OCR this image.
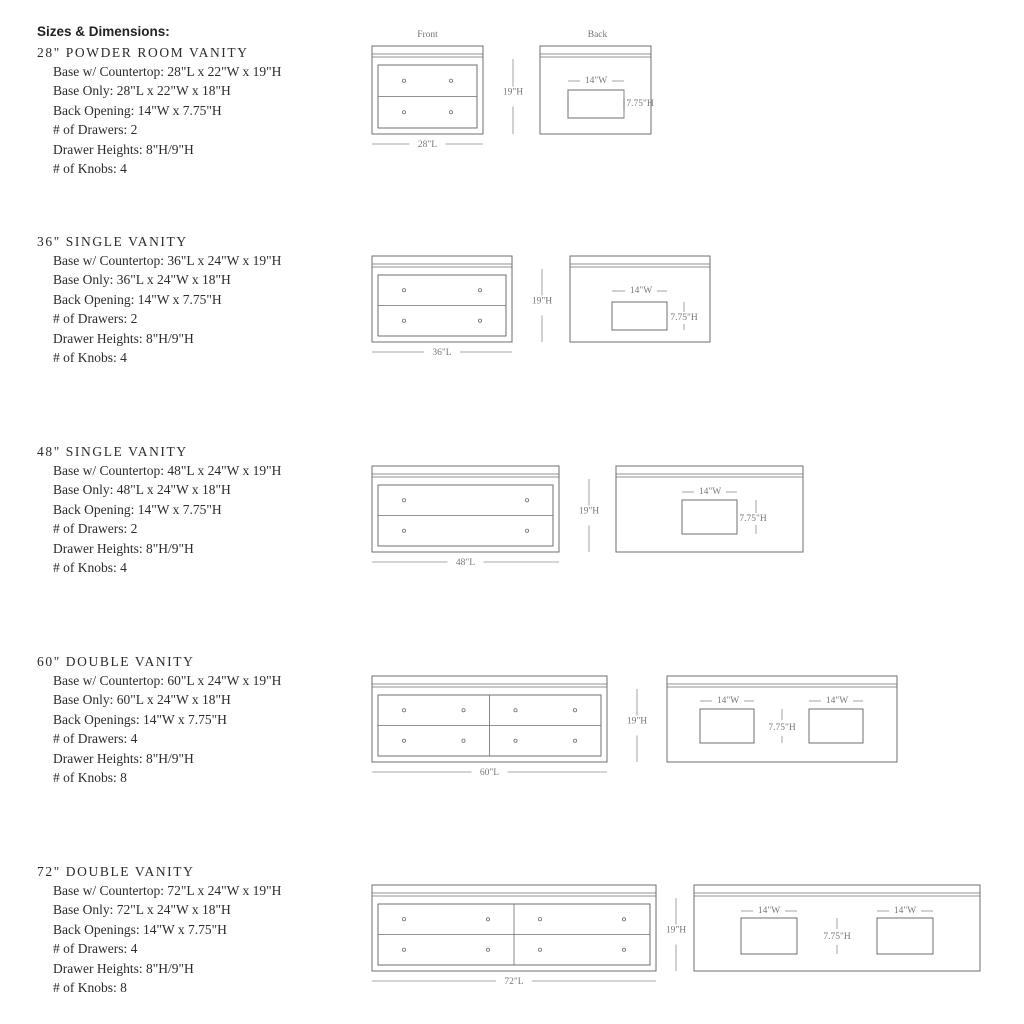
Sizes & Dimensions:
28" POWDER ROOM VANITY
Base w/ Countertop: 28"L x 22"W x 19"H
Base Only: 28"L x 22"W x 18"H
Back Opening: 14"W x 7.75"H
# of Drawers: 2
Drawer Heights: 8"H/9"H
# of Knobs: 4
36" SINGLE VANITY
Base w/ Countertop: 36"L x 24"W x 19"H
Base Only: 36"L x 24"W x 18"H
Back Opening: 14"W x 7.75"H
# of Drawers: 2
Drawer Heights: 8"H/9"H
# of Knobs: 4
48" SINGLE VANITY
Base w/ Countertop: 48"L x 24"W x 19"H
Base Only: 48"L x 24"W x 18"H
Back Opening: 14"W x 7.75"H
# of Drawers: 2
Drawer Heights: 8"H/9"H
# of Knobs: 4
60" DOUBLE VANITY
Base w/ Countertop: 60"L x 24"W x 19"H
Base Only: 60"L x 24"W x 18"H
Back Openings: 14"W x 7.75"H
# of Drawers: 4
Drawer Heights: 8"H/9"H
# of Knobs: 8
72" DOUBLE VANITY
Base w/ Countertop: 72"L x 24"W x 19"H
Base Only: 72"L x 24"W x 18"H
Back Openings: 14"W x 7.75"H
# of Drawers: 4
Drawer Heights: 8"H/9"H
# of Knobs: 8
Front	Back
28"L
19"H
14"W
7.75"H
36"L
19"H
14"W
7.75"H
48"L
19"H
14"W
7.75"H
60"L
19"H
14"W	14"W
7.75"H
72"L
19"H
14"W	14"W
7.75"H
